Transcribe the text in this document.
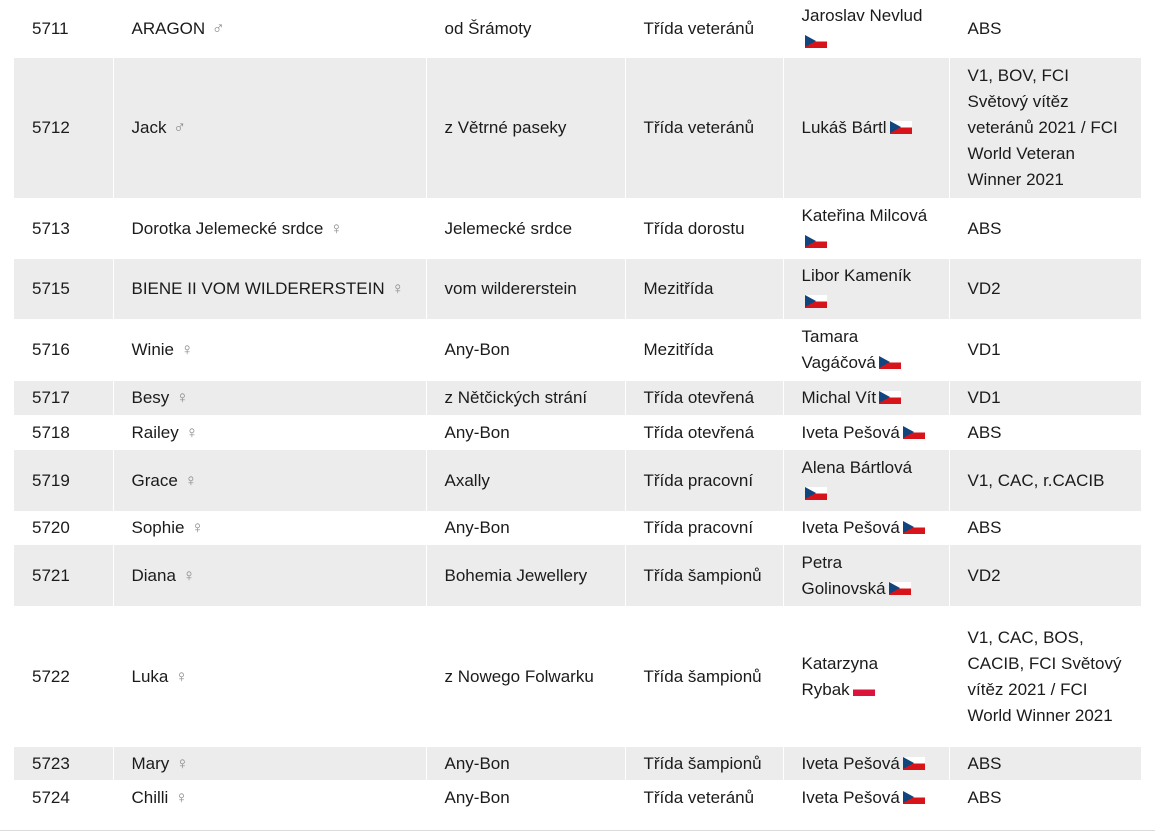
5711	ARAGON ♂	od Šrámoty	Třída veteránů	Jaroslav Nevlud	ABS
5712	Jack ♂	z Větrné paseky	Třída veteránů	Lukáš Bártl	V1, BOV, FCI Světový vítěz veteránů 2021 / FCI World Veteran Winner 2021
5713	Dorotka Jelemecké srdce ♀	Jelemecké srdce	Třída dorostu	Kateřina Milcová	ABS
5715	BIENE II VOM WILDERERSTEIN ♀	vom wildererstein	Mezitřída	Libor Kameník	VD2
5716	Winie ♀	Any-Bon	Mezitřída	Tamara Vagáčová	VD1
5717	Besy ♀	z Nětčických strání	Třída otevřená	Michal Vít	VD1
5718	Railey ♀	Any-Bon	Třída otevřená	Iveta Pešová	ABS
5719	Grace ♀	Axally	Třída pracovní	Alena Bártlová	V1, CAC, r.CACIB
5720	Sophie ♀	Any-Bon	Třída pracovní	Iveta Pešová	ABS
5721	Diana ♀	Bohemia Jewellery	Třída šampionů	Petra Golinovská	VD2
5722	Luka ♀	z Nowego Folwarku	Třída šampionů	Katarzyna Rybak	V1, CAC, BOS, CACIB, FCI Světový vítěz 2021 / FCI World Winner 2021
5723	Mary ♀	Any-Bon	Třída šampionů	Iveta Pešová	ABS
5724	Chilli ♀	Any-Bon	Třída veteránů	Iveta Pešová	ABS
